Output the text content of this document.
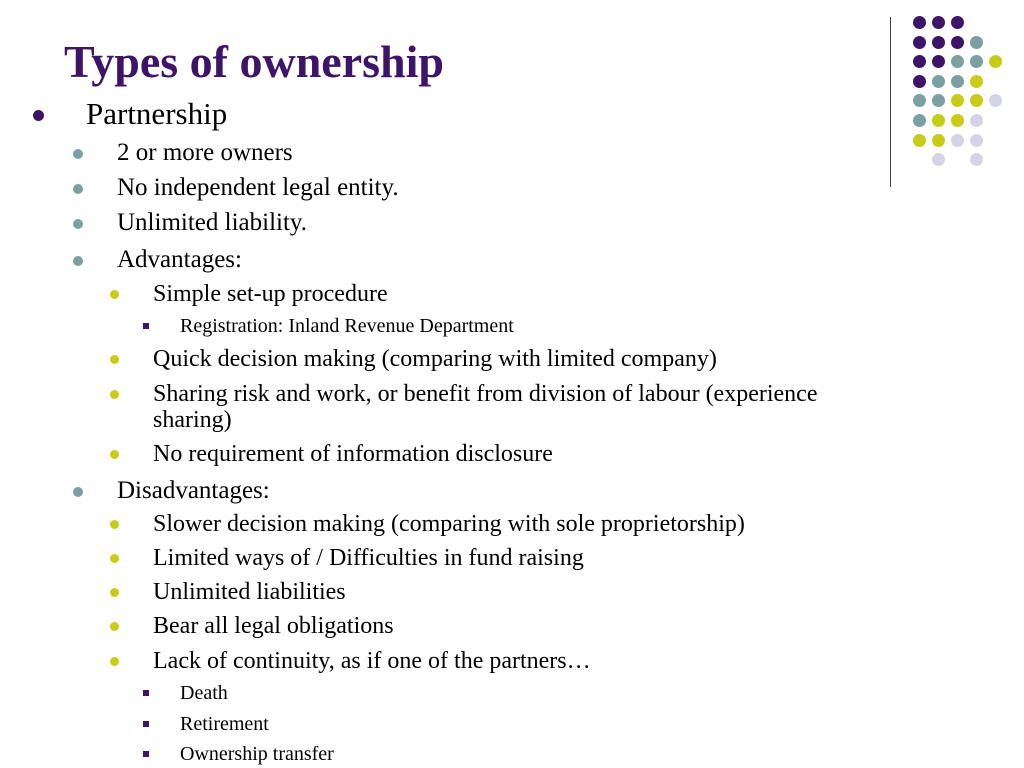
Types of ownership
Partnership
2 or more owners
No independent legal entity.
Unlimited liability.
Advantages:
Simple set-up procedure
Registration: Inland Revenue Department
Quick decision making (comparing with limited company)
Sharing risk and work, or benefit from division of labour (experience
sharing)
No requirement of information disclosure
Disadvantages:
Slower decision making (comparing with sole proprietorship)
Limited ways of / Difficulties in fund raising
Unlimited liabilities
Bear all legal obligations
Lack of continuity, as if one of the partners…
Death
Retirement
Ownership transfer
